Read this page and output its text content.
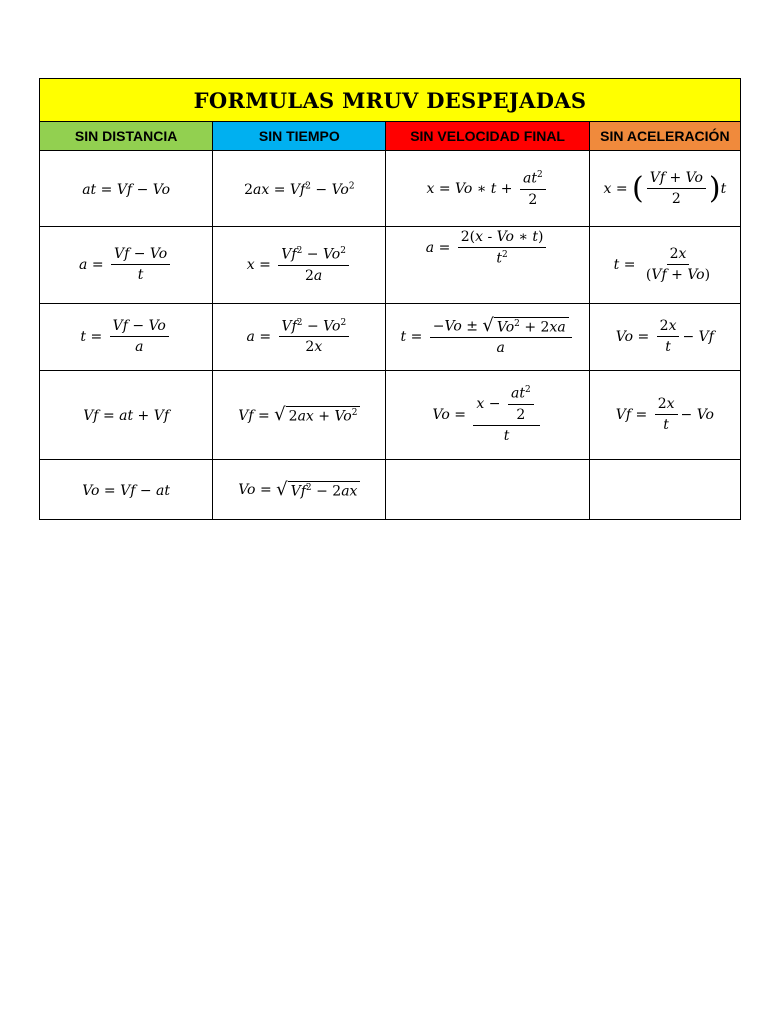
FORMULAS MRUV DESPEJADAS			
SIN DISTANCIA	SIN TIEMPO	SIN VELOCIDAD FINAL	SIN ACELERACIÓN
at = Vf − Vo	$2ax = Vf^2 - Vo^2$	x = Vo ∗ $t + \frac{at^2}{2}$	x = ( $\frac{Vf + Vo}{2} )t$
$a = \frac{Vf - Vo}{t}$	$x = \frac{Vf^2 - Vo^2}{2a}$	$a = \frac{2(x - Vo ∗ t)}{t^2}$	$t = \frac{2x}{(Vf + Vo)}$

$t = \frac{Vf - Vo}{a}$	$a = \frac{Vf^2 - Vo^2}{2x}$	$t = \frac{-Vo \pm √ Vo^2 + 2xa}{a}$	$Vo = \frac{2x}{t} - Vf$
Vf = at + Vf	Vf = √ $2ax + Vo^2$	$Vo = \frac{x - \frac{at^2}{2}}{t}$	$Vf = \frac{2x}{t} - Vo$
Vo = Vf − at	Vo = √ $Vf^2 - 2ax$		
